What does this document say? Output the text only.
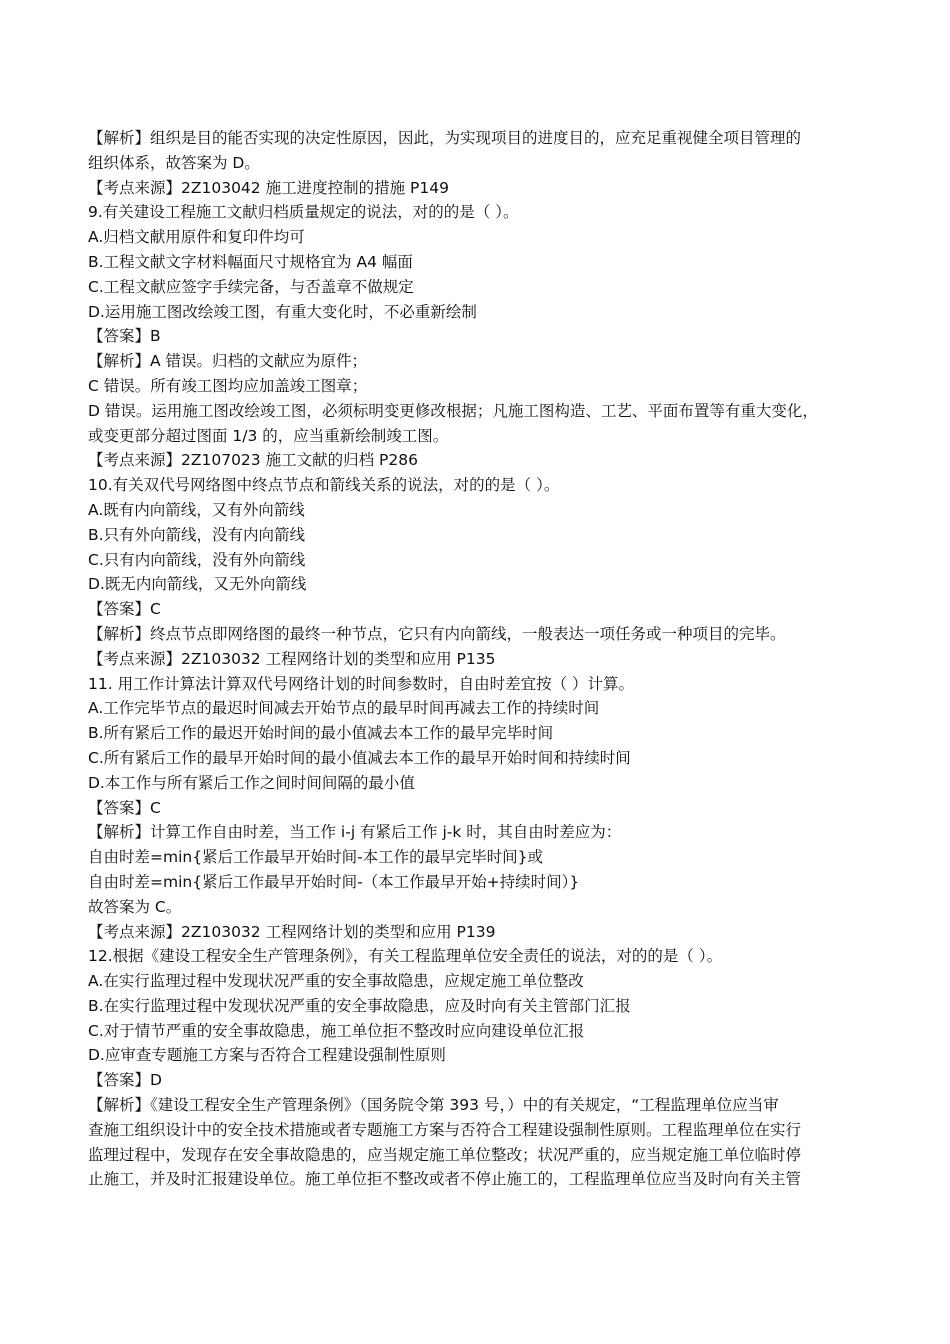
【解析】组织是目的能否实现的决定性原因，因此，为实现项目的进度目的，应充足重视健全项目管理的
组织体系，故答案为 D。
【考点来源】2Z103042 施工进度控制的措施 P149
9.有关建设工程施工文献归档质量规定的说法，对的的是（ ）。
A.归档文献用原件和复印件均可
B.工程文献文字材料幅面尺寸规格宜为 A4 幅面
C.工程文献应签字手续完备，与否盖章不做规定
D.运用施工图改绘竣工图，有重大变化时，不必重新绘制
【答案】B
【解析】A 错误。归档的文献应为原件；
C 错误。所有竣工图均应加盖竣工图章；
D 错误。运用施工图改绘竣工图，必须标明变更修改根据；凡施工图构造、工艺、平面布置等有重大变化，
或变更部分超过图面 1/3 的，应当重新绘制竣工图。
【考点来源】2Z107023 施工文献的归档 P286
10.有关双代号网络图中终点节点和箭线关系的说法，对的的是（ ）。
A.既有内向箭线，又有外向箭线
B.只有外向箭线，没有内向箭线
C.只有内向箭线，没有外向箭线
D.既无内向箭线，又无外向箭线
【答案】C
【解析】终点节点即网络图的最终一种节点，它只有内向箭线，一般表达一项任务或一种项目的完毕。
【考点来源】2Z103032 工程网络计划的类型和应用 P135
11. 用工作计算法计算双代号网络计划的时间参数时，自由时差宜按（ ）计算。
A.工作完毕节点的最迟时间减去开始节点的最早时间再减去工作的持续时间
B.所有紧后工作的最迟开始时间的最小值减去本工作的最早完毕时间
C.所有紧后工作的最早开始时间的最小值减去本工作的最早开始时间和持续时间
D.本工作与所有紧后工作之间时间间隔的最小值
【答案】C
【解析】计算工作自由时差，当工作 i-j 有紧后工作 j-k 时，其自由时差应为：
自由时差=min{紧后工作最早开始时间-本工作的最早完毕时间}或
自由时差=min{紧后工作最早开始时间-（本工作最早开始+持续时间）}
故答案为 C。
【考点来源】2Z103032 工程网络计划的类型和应用 P139
12.根据《建设工程安全生产管理条例》，有关工程监理单位安全责任的说法，对的的是（ ）。
A.在实行监理过程中发现状况严重的安全事故隐患，应规定施工单位整改
B.在实行监理过程中发现状况严重的安全事故隐患，应及时向有关主管部门汇报
C.对于情节严重的安全事故隐患，施工单位拒不整改时应向建设单位汇报
D.应审查专题施工方案与否符合工程建设强制性原则
【答案】D
【解析】《建设工程安全生产管理条例》（国务院令第 393 号，）中的有关规定，“工程监理单位应当审
查施工组织设计中的安全技术措施或者专题施工方案与否符合工程建设强制性原则。工程监理单位在实行
监理过程中，发现存在安全事故隐患的，应当规定施工单位整改；状况严重的，应当规定施工单位临时停
止施工，并及时汇报建设单位。施工单位拒不整改或者不停止施工的，工程监理单位应当及时向有关主管
